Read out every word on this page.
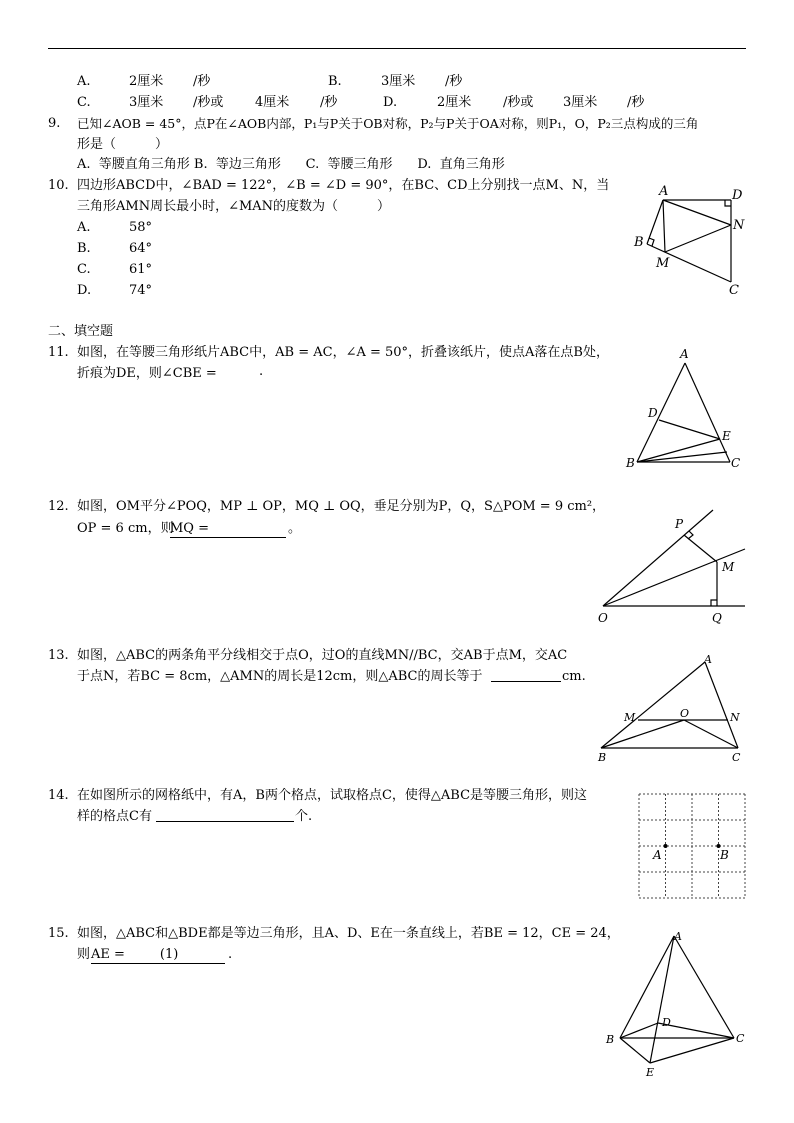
A.	2厘米 /秒	B.	3厘米 /秒
C.	3厘米 /秒或 4厘米 /秒	D.	2厘米 /秒或 3厘米 /秒
9. 已知∠AOB = 45°，点P在∠AOB内部，P₁与P关于OB对称，P₂与P关于OA对称，则P₁，O，P₂三点构成的三角
形是（　　　）
A.  等腰直角三角形 B.  等边三角形      C.  等腰三角形      D.  直角三角形
10. 四边形ABCD中，∠BAD = 122°，∠B = ∠D = 90°，在BC、CD上分别找一点M、N，当
三角形AMN周长最小时，∠MAN的度数为（　　　）
A.	58°
B.	64°
C.	61°
D.	74°
A	D
N
B
M
C
二、填空题
11. 如图，在等腰三角形纸片ABC中，AB = AC，∠A = 50°，折叠该纸片，使点A落在点B处，
折痕为DE，则∠CBE =	.
A
D
E
B	C
12. 如图，OM平分∠POQ，MP ⊥ OP，MQ ⊥ OQ，垂足分别为P，Q，S△POM = 9 cm²，
OP = 6 cm，则
MQ =	。	P
M
O	Q
13. 如图，△ABC的两条角平分线相交于点O，过O的直线MN//BC，交AB于点M，交AC
于点N，若BC = 8cm，△AMN的周长是12cm，则△ABC的周长等于	cm.
A
M	O	N
B	C
14. 在如图所示的网格纸中，有A，B两个格点，试取格点C，使得△ABC是等腰三角形，则这
样的格点C有	个.
A	B
15. 如图，△ABC和△BDE都是等边三角形，且A、D、E在一条直线上，若BE = 12，CE = 24，
则 AE =	(1)	.
A
D
B	C
E
